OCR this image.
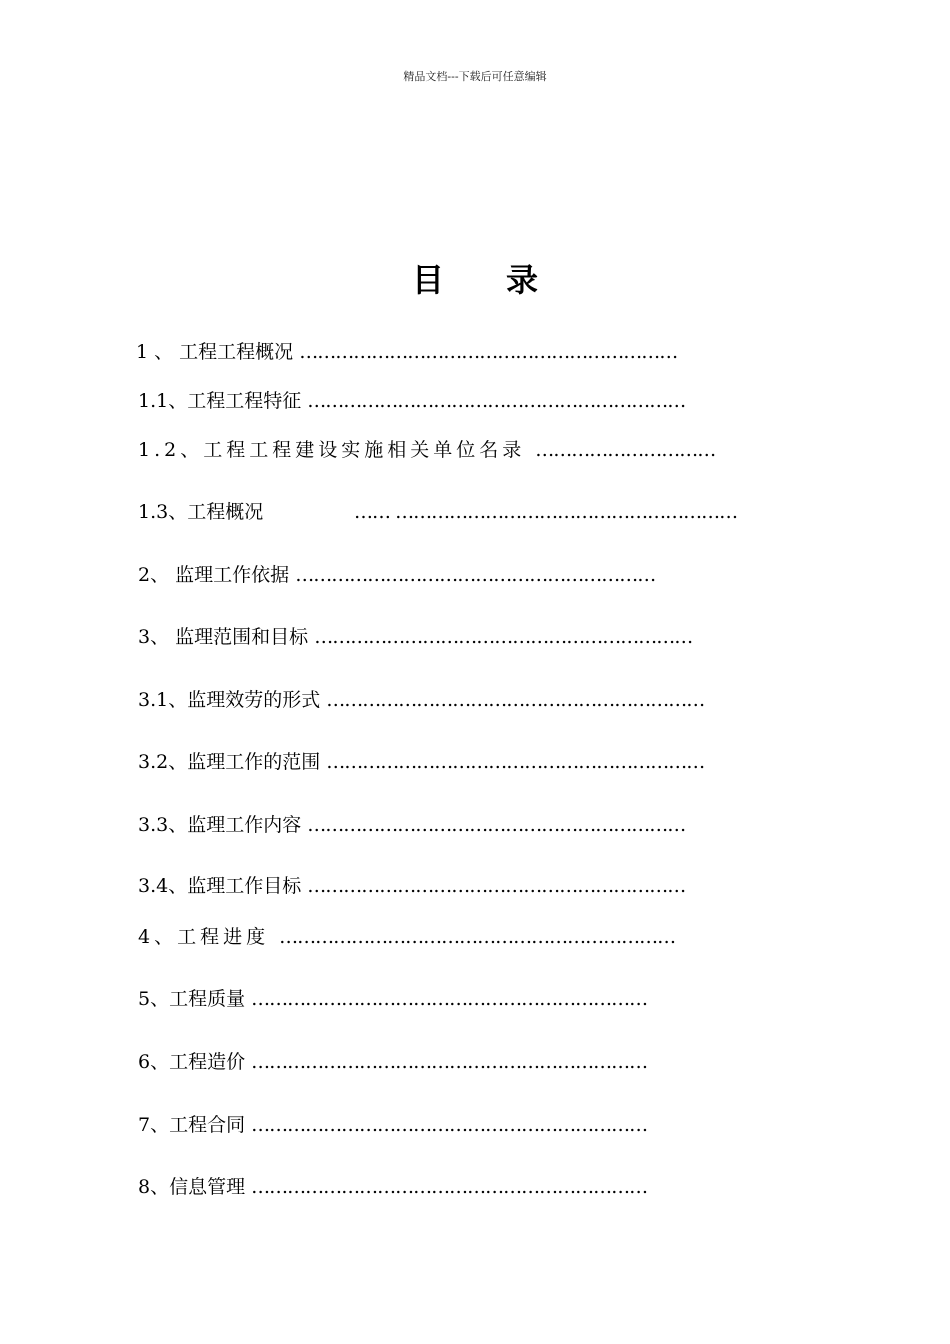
精品文档---下载后可任意编辑
目录
1 、 工程工程概况 ………………………………………………………
1.1、工程工程特征 ………………………………………………………
1.2、工程工程建设实施相关单位名录 …………………………
1.3、工程概况	…… …………………………………………………
2、 监理工作依据 ……………………………………………………
3、 监理范围和目标 ………………………………………………………
3.1、监理效劳的形式 ………………………………………………………
3.2、监理工作的范围 ………………………………………………………
3.3、监理工作内容 ………………………………………………………
3.4、监理工作目标 ………………………………………………………
4、工程进度 …………………………………………………………
5、工程质量 …………………………………………………………
6、工程造价 …………………………………………………………
7、工程合同 …………………………………………………………
8、信息管理 …………………………………………………………
